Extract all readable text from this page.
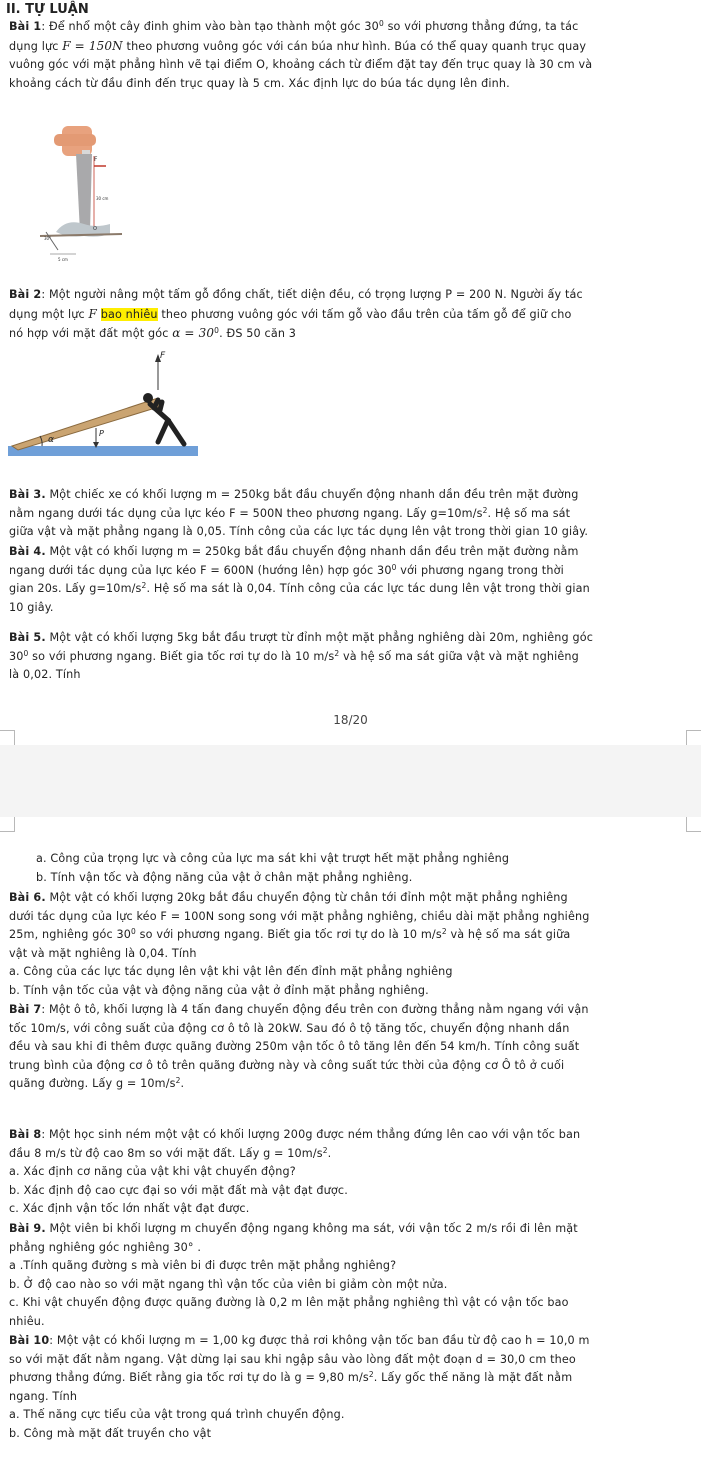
II. TỰ LUẬN
Bài 1: Để nhổ một cây đinh ghim vào bàn tạo thành một góc $30^0$ so với phương thẳng đứng, ta tác
dụng lực F = 150N theo phương vuông góc với cán búa như hình. Búa có thể quay quanh trục quay
vuông góc với mặt phẳng hình vẽ tại điểm O, khoảng cách từ điểm đặt tay đến trục quay là 30 cm và
khoảng cách từ đầu đinh đến trục quay là 5 cm. Xác định lực do búa tác dụng lên đinh.
F
30 cm
O
30°
5 cm
Bài 2: Một người nâng một tấm gỗ đồng chất, tiết diện đều, có trọng lượng P = 200 N. Người ấy tác
dụng một lực F bao nhiêu theo phương vuông góc với tấm gỗ vào đầu trên của tấm gỗ để giữ cho
nó hợp với mặt đất một góc $\alpha = 30^0$. ĐS 50 căn 3
F
P
α
Bài 3. Một chiếc xe có khối lượng m = 250kg bắt đầu chuyển động nhanh dần đều trên mặt đường
nằm ngang dưới tác dụng của lực kéo F = 500N theo phương ngang. Lấy $g=10m/s^2$. Hệ số ma sát
giữa vật và mặt phẳng ngang là 0,05. Tính công của các lực tác dụng lên vật trong thời gian 10 giây.
Bài 4. Một vật có khối lượng m = 250kg bắt đầu chuyển động nhanh dần đều trên mặt đường nằm
ngang dưới tác dụng của lực kéo F = 600N (hướng lên) hợp góc $30^0$ với phương ngang trong thời
gian 20s. Lấy $g=10m/s^2$. Hệ số ma sát là 0,04. Tính công của các lực tác dung lên vật trong thời gian
10 giây.
Bài 5. Một vật có khối lượng 5kg bắt đầu trượt từ đỉnh một mặt phẳng nghiêng dài 20m, nghiêng góc
$30^0$ so với phương ngang. Biết gia tốc rơi tự do là 10 $m/s^2$ và hệ số ma sát giữa vật và mặt nghiêng
là 0,02. Tính
18/20
a. Công của trọng lực và công của lực ma sát khi vật trượt hết mặt phẳng nghiêng
b. Tính vận tốc và động năng của vật ở chân mặt phẳng nghiêng.
Bài 6. Một vật có khối lượng 20kg bắt đầu chuyển động từ chân tới đỉnh một mặt phẳng nghiêng
dưới tác dụng của lực kéo F = 100N song song với mặt phẳng nghiêng, chiều dài mặt phẳng nghiêng
25m, nghiêng góc $30^0$ so với phương ngang. Biết gia tốc rơi tự do là 10 $m/s^2$ và hệ số ma sát giữa
vật và mặt nghiêng là 0,04. Tính
a. Công của các lực tác dụng lên vật khi vật lên đến đỉnh mặt phẳng nghiêng
b. Tính vận tốc của vật và động năng của vật ở đỉnh mặt phẳng nghiêng.
Bài 7: Một ô tô, khối lượng là 4 tấn đang chuyển động đều trên con đường thẳng nằm ngang với vận
tốc 10m/s, với công suất của động cơ ô tô là 20kW. Sau đó ô tộ tăng tốc, chuyển động nhanh dần
đều và sau khi đi thêm được quãng đường 250m vận tốc ô tô tăng lên đến 54 km/h. Tính công suất
trung bình của động cơ ô tô trên quãng đường này và công suất tức thời của động cơ Ô tô ở cuối
quãng đường. Lấy $g = 10m/s^2$.
Bài 8: Một học sinh ném một vật có khối lượng 200g được ném thẳng đứng lên cao với vận tốc ban
đầu 8 m/s từ độ cao 8m so với mặt đất. Lấy $g = 10m/s^2$.
a. Xác định cơ năng của vật khi vật chuyển động?
b. Xác định độ cao cực đại so với mặt đất mà vật đạt được.
c. Xác định vận tốc lớn nhất vật đạt được.
Bài 9. Một viên bi khối lượng m chuyển động ngang không ma sát, với vận tốc 2 m/s rồi đi lên mặt
phẳng nghiêng góc nghiêng 30° .
a .Tính quãng đường s mà viên bi đi được trên mặt phẳng nghiêng?
b. Ở độ cao nào so với mặt ngang thì vận tốc của viên bi giảm còn một nửa.
c. Khi vật chuyển động được quãng đường là 0,2 m lên mặt phẳng nghiêng thì vật có vận tốc bao
nhiêu.
Bài 10: Một vật có khối lượng m = 1,00 kg được thả rơi không vận tốc ban đầu từ độ cao h = 10,0 m
so với mặt đất nằm ngang. Vật dừng lại sau khi ngập sâu vào lòng đất một đoạn d = 30,0 cm theo
phương thẳng đứng. Biết rằng gia tốc rơi tự do là g = 9,80 $m/s^2$. Lấy gốc thế năng là mặt đất nằm
ngang. Tính
a. Thế năng cực tiểu của vật trong quá trình chuyển động.
b. Công mà mặt đất truyền cho vật
